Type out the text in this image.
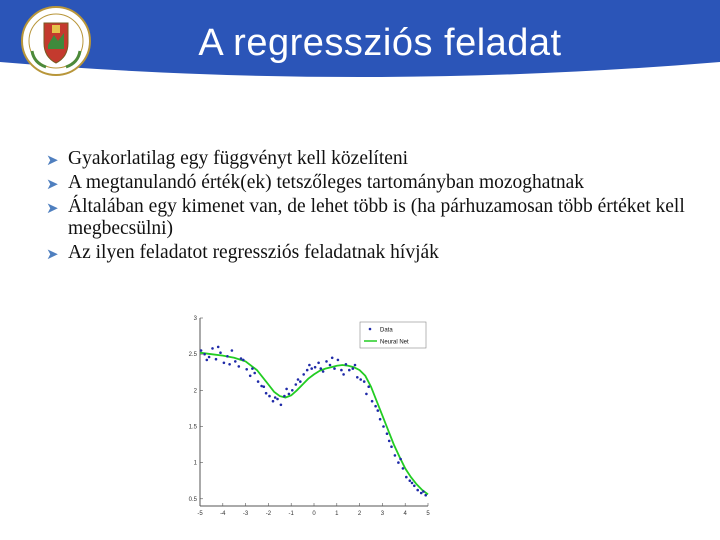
A regressziós feladat
➤ Gyakorlatilag egy függvényt kell közelíteni
➤ A megtanulandó érték(ek) tetszőleges tartományban mozoghatnak
➤ Általában egy kimenet van, de lehet több is (ha párhuzamosan több értéket kell megbecsülni)
➤ Az ilyen feladatot regressziós feladatnak hívják
3
2.5
2
1.5
1
0.5
-5	-4	-3	-2	-1	0	1	2	3	4	5
Data
Neural Net
